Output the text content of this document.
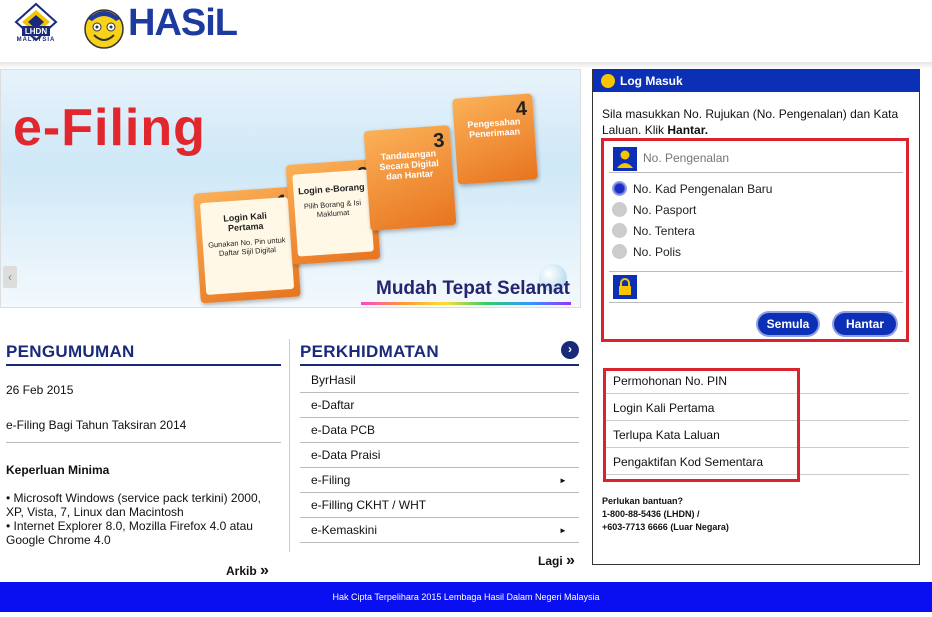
LHDN
MALAYSIA	HASiL
e-Filing
‹
Login Kali Pertama
Gunakan No. Pin untuk Daftar Sijil Digital
Login e-Borang
Pilih Borang & Isi Maklumat
3
Tandatangan Secara Digital dan Hantar
4
Pengesahan Penerimaan
Mudah Tepat Selamat
Log Masuk
Sila masukkan No. Rujukan (No. Pengenalan) dan Kata Laluan. Klik Hantar.
No. Pengenalan
No. Kad Pengenalan Baru
No. Pasport
No. Tentera
No. Polis
Semula	Hantar
Permohonan No. PIN
Login Kali Pertama
Terlupa Kata Laluan
Pengaktifan Kod Sementara
Perlukan bantuan?
1-800-88-5436 (LHDN) /
+603-7713 6666 (Luar Negara)
PENGUMUMAN
26 Feb 2015
e-Filing Bagi Tahun Taksiran 2014
Keperluan Minima
• Microsoft Windows (service pack terkini) 2000, XP, Vista, 7, Linux dan Macintosh
• Internet Explorer 8.0, Mozilla Firefox 4.0 atau Google Chrome 4.0
Arkib »
PERKHIDMATAN	›
ByrHasil
e-Daftar
e-Data PCB
e-Data Praisi
e-Filing	►
e-Filling CKHT / WHT
e-Kemaskini	►
Lagi »
Hak Cipta Terpelihara 2015 Lembaga Hasil Dalam Negeri Malaysia
